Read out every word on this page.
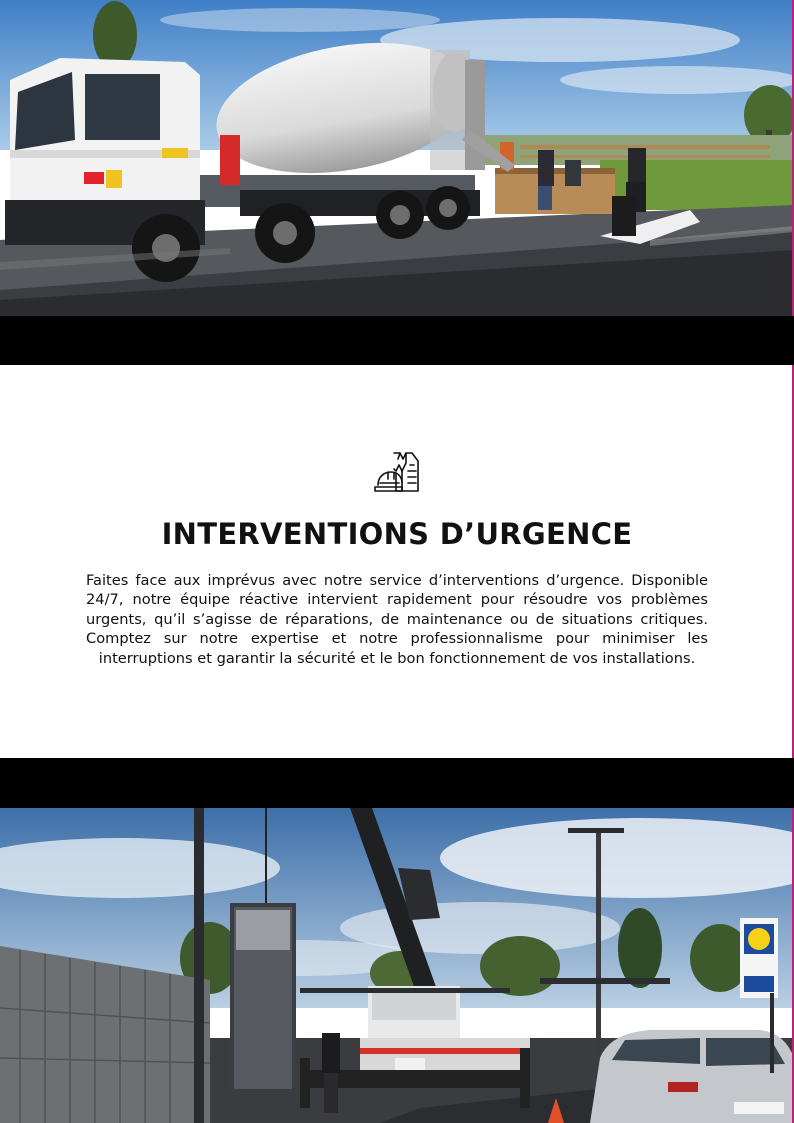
INTERVENTIONS D’URGENCE
Faites face aux imprévus avec notre service d’interventions d’urgence. Disponible 24/7, notre équipe réactive intervient rapidement pour résoudre vos problèmes urgents, qu’il s’agisse de réparations, de maintenance ou de situations critiques. Comptez sur notre expertise et notre professionnalisme pour minimiser les interruptions et garantir la sécurité et le bon fonctionnement de vos installations.
